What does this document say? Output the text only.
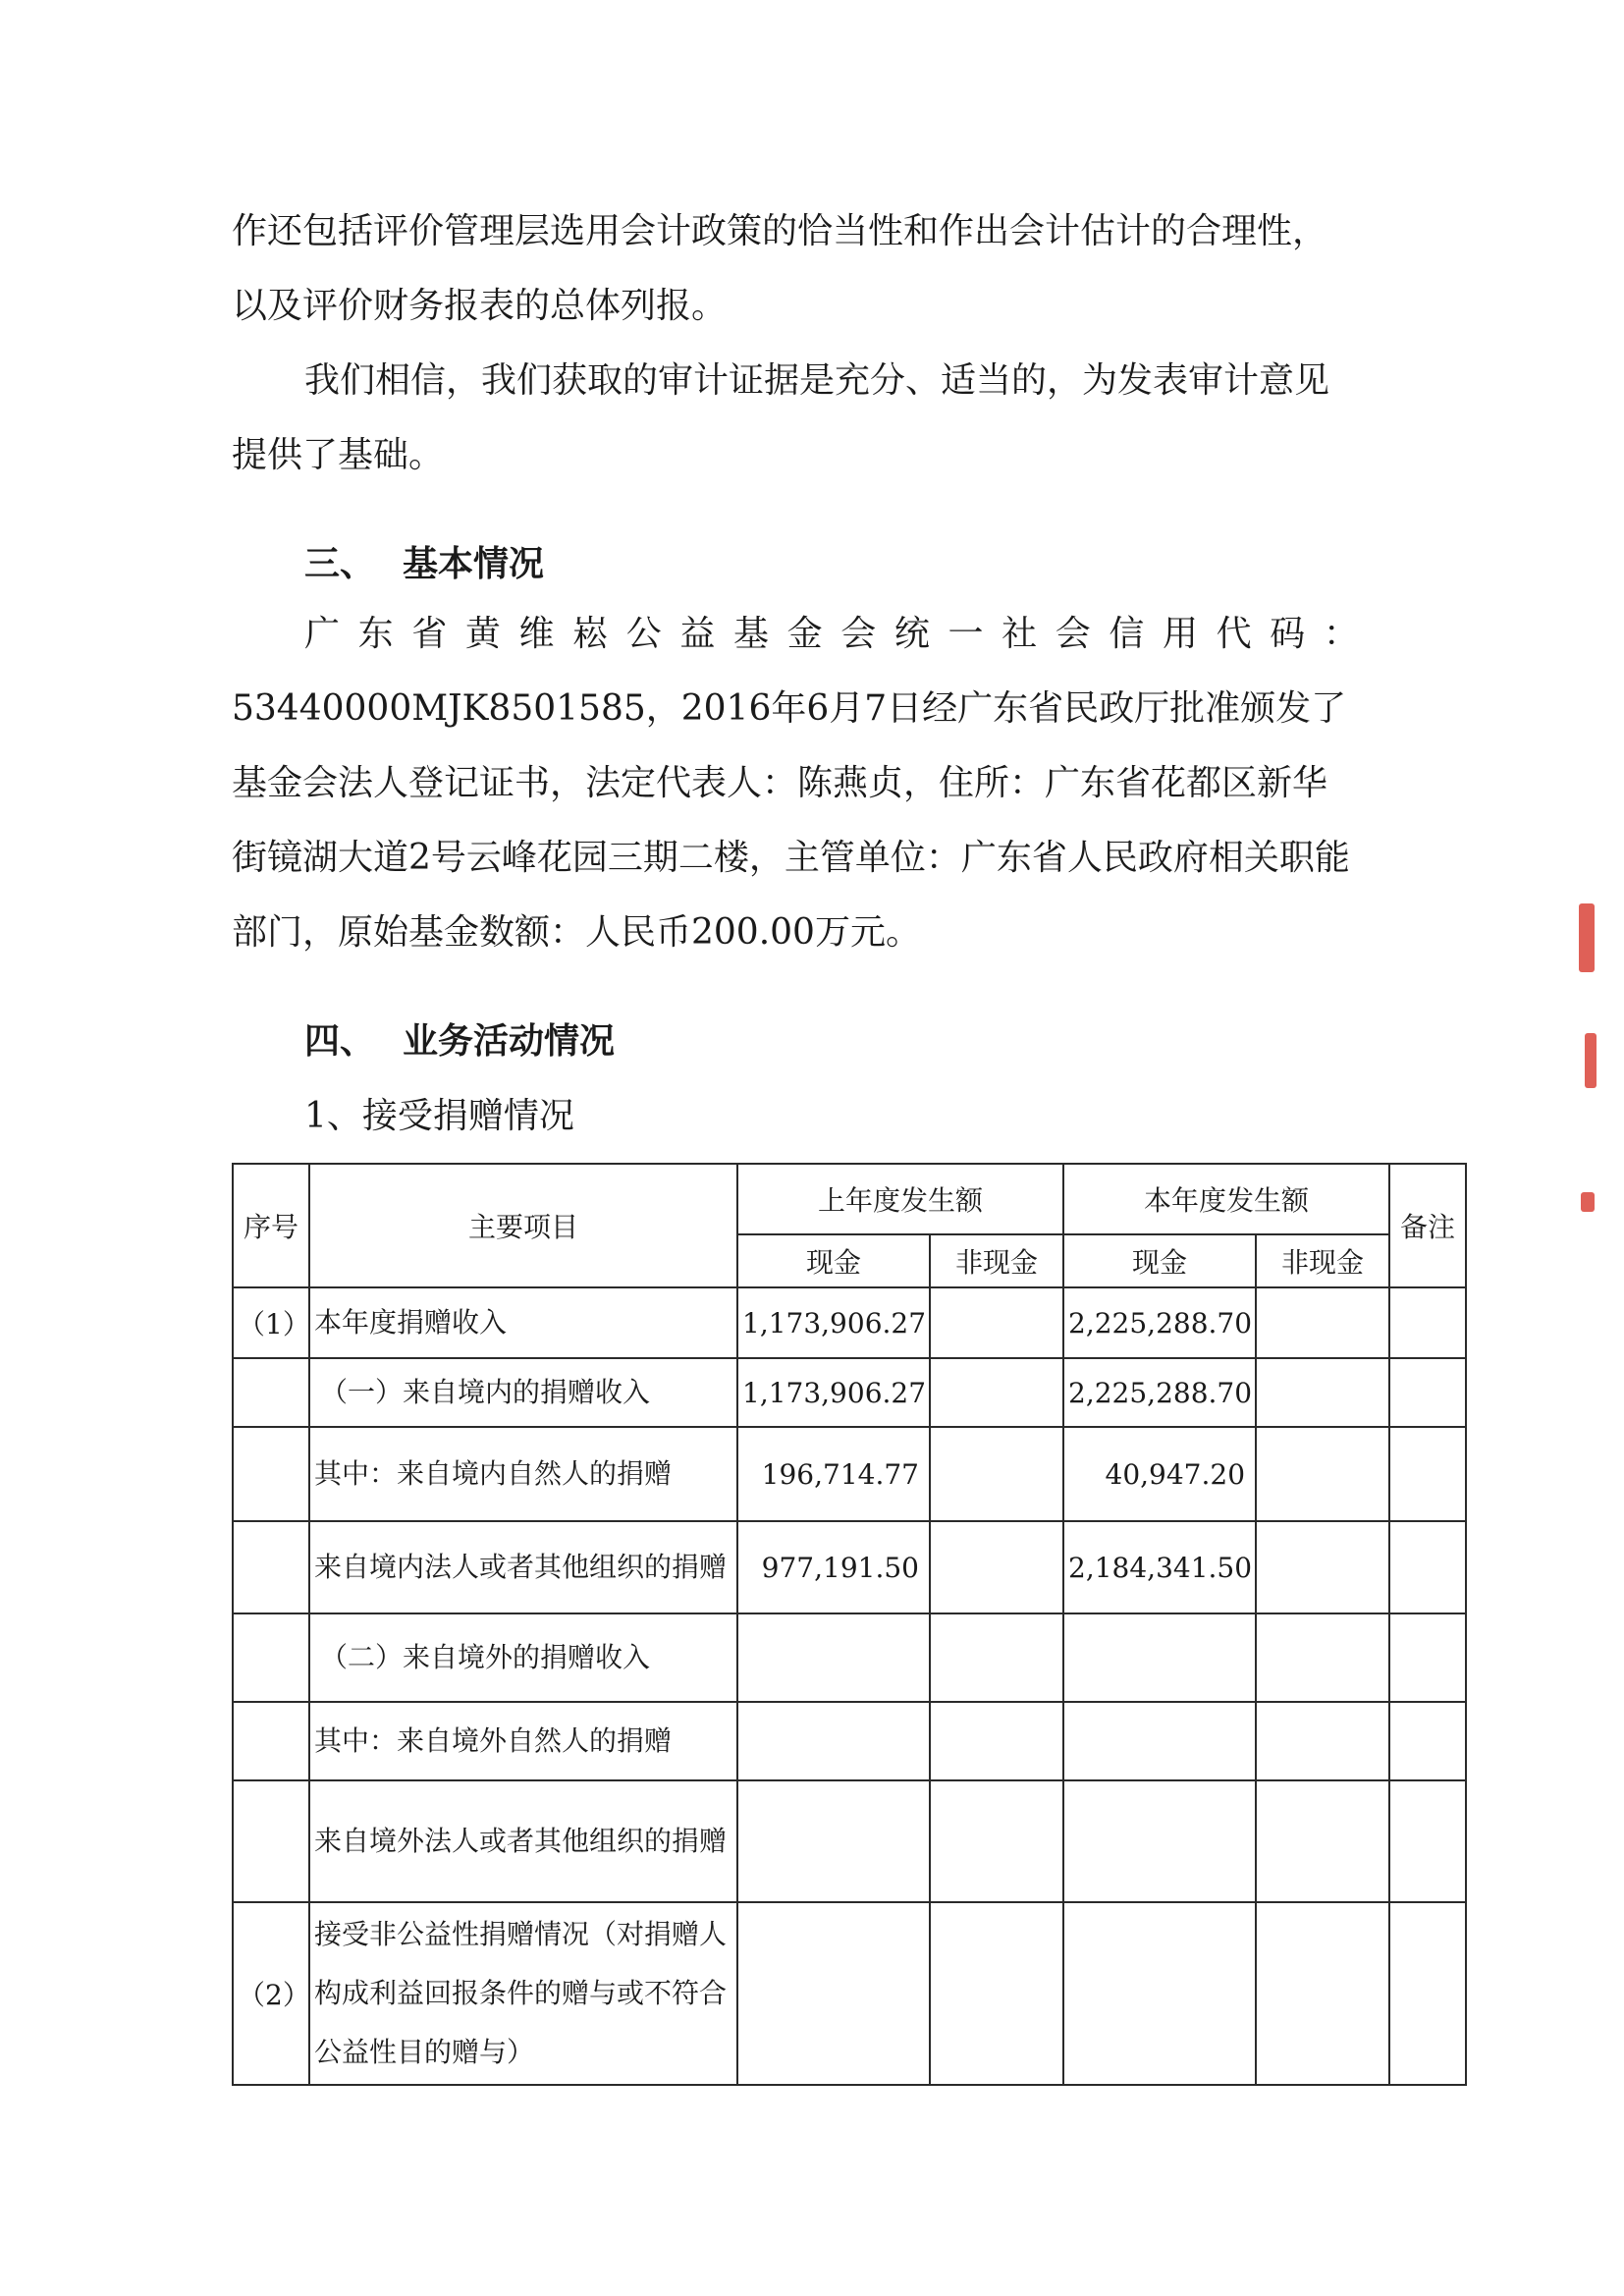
作还包括评价管理层选用会计政策的恰当性和作出会计估计的合理性，以及评价财务报表的总体列报。

我们相信，我们获取的审计证据是充分、适当的，为发表审计意见提供了基础。

三、 基本情况
广 东 省 黄 维 崧 公 益 基 金 会 统 一 社 会 信 用 代 码 ：
53440000MJK8501585，2016年6月7日经广东省民政厅批准颁发了基金会法人登记证书，法定代表人：陈燕贞，住所：广东省花都区新华街镜湖大道2号云峰花园三期二楼，主管单位：广东省人民政府相关职能部门，原始基金数额：人民币200.00万元。
四、 业务活动情况
1、接受捐赠情况
序号	主要项目	上年度发生额		本年度发生额		备注
		现金	非现金	现金	非现金	
（1）	本年度捐赠收入	1,173,906.27		2,225,288.70		
	（一）来自境内的捐赠收入	1,173,906.27		2,225,288.70		
	其中：来自境内自然人的捐赠	196,714.77		40,947.20		
	来自境内法人或者其他组织的捐赠	977,191.50		2,184,341.50		
	（二）来自境外的捐赠收入					
	其中：来自境外自然人的捐赠					
	来自境外法人或者其他组织的捐赠					
（2）	接受非公益性捐赠情况（对捐赠人构成利益回报条件的赠与或不符合公益性目的赠与）					
